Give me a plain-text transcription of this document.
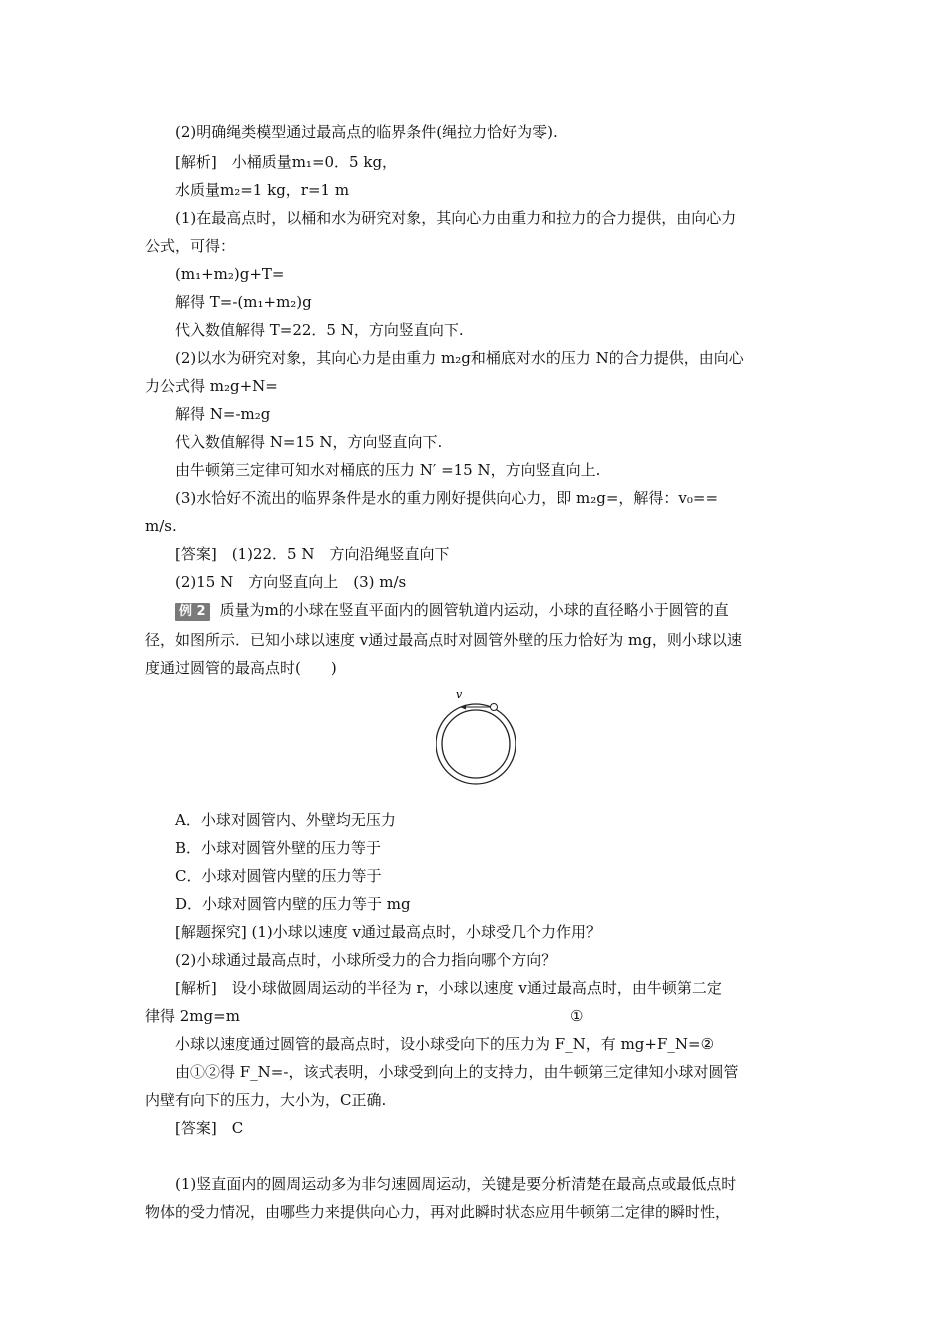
(2)明确绳类模型通过最高点的临界条件(绳拉力恰好为零).
[解析]　小桶质量m₁=0．5 kg，
水质量m₂=1 kg，r=1 m
(1)在最高点时，以桶和水为研究对象，其向心力由重力和拉力的合力提供，由向心力
公式，可得：
(m₁+m₂)g+T=
解得 T=-(m₁+m₂)g
代入数值解得 T=22．5 N，方向竖直向下.
(2)以水为研究对象，其向心力是由重力 m₂g和桶底对水的压力 N的合力提供，由向心
力公式得 m₂g+N=
解得 N=-m₂g
代入数值解得 N=15 N，方向竖直向下.
由牛顿第三定律可知水对桶底的压力 N′ =15 N，方向竖直向上.
(3)水恰好不流出的临界条件是水的重力刚好提供向心力，即 m₂g=，解得：v₀==
m/s.
[答案]　(1)22．5 N　方向沿绳竖直向下
(2)15 N　方向竖直向上　(3) m/s
例 2 质量为m的小球在竖直平面内的圆管轨道内运动，小球的直径略小于圆管的直
径，如图所示．已知小球以速度 v通过最高点时对圆管外壁的压力恰好为 mg，则小球以速
度通过圆管的最高点时(　　)
v
A．小球对圆管内、外壁均无压力
B．小球对圆管外壁的压力等于
C．小球对圆管内壁的压力等于
D．小球对圆管内壁的压力等于 mg
[解题探究] (1)小球以速度 v通过最高点时，小球受几个力作用？
(2)小球通过最高点时，小球所受力的合力指向哪个方向？
[解析]　设小球做圆周运动的半径为 r，小球以速度 v通过最高点时，由牛顿第二定
律得 2mg=m	①
小球以速度通过圆管的最高点时，设小球受向下的压力为 F_N，有 mg+F_N=②
由①②得 F_N=-，该式表明，小球受到向上的支持力，由牛顿第三定律知小球对圆管
内壁有向下的压力，大小为，C正确.
[答案]　C
(1)竖直面内的圆周运动多为非匀速圆周运动，关键是要分析清楚在最高点或最低点时
物体的受力情况，由哪些力来提供向心力，再对此瞬时状态应用牛顿第二定律的瞬时性，
